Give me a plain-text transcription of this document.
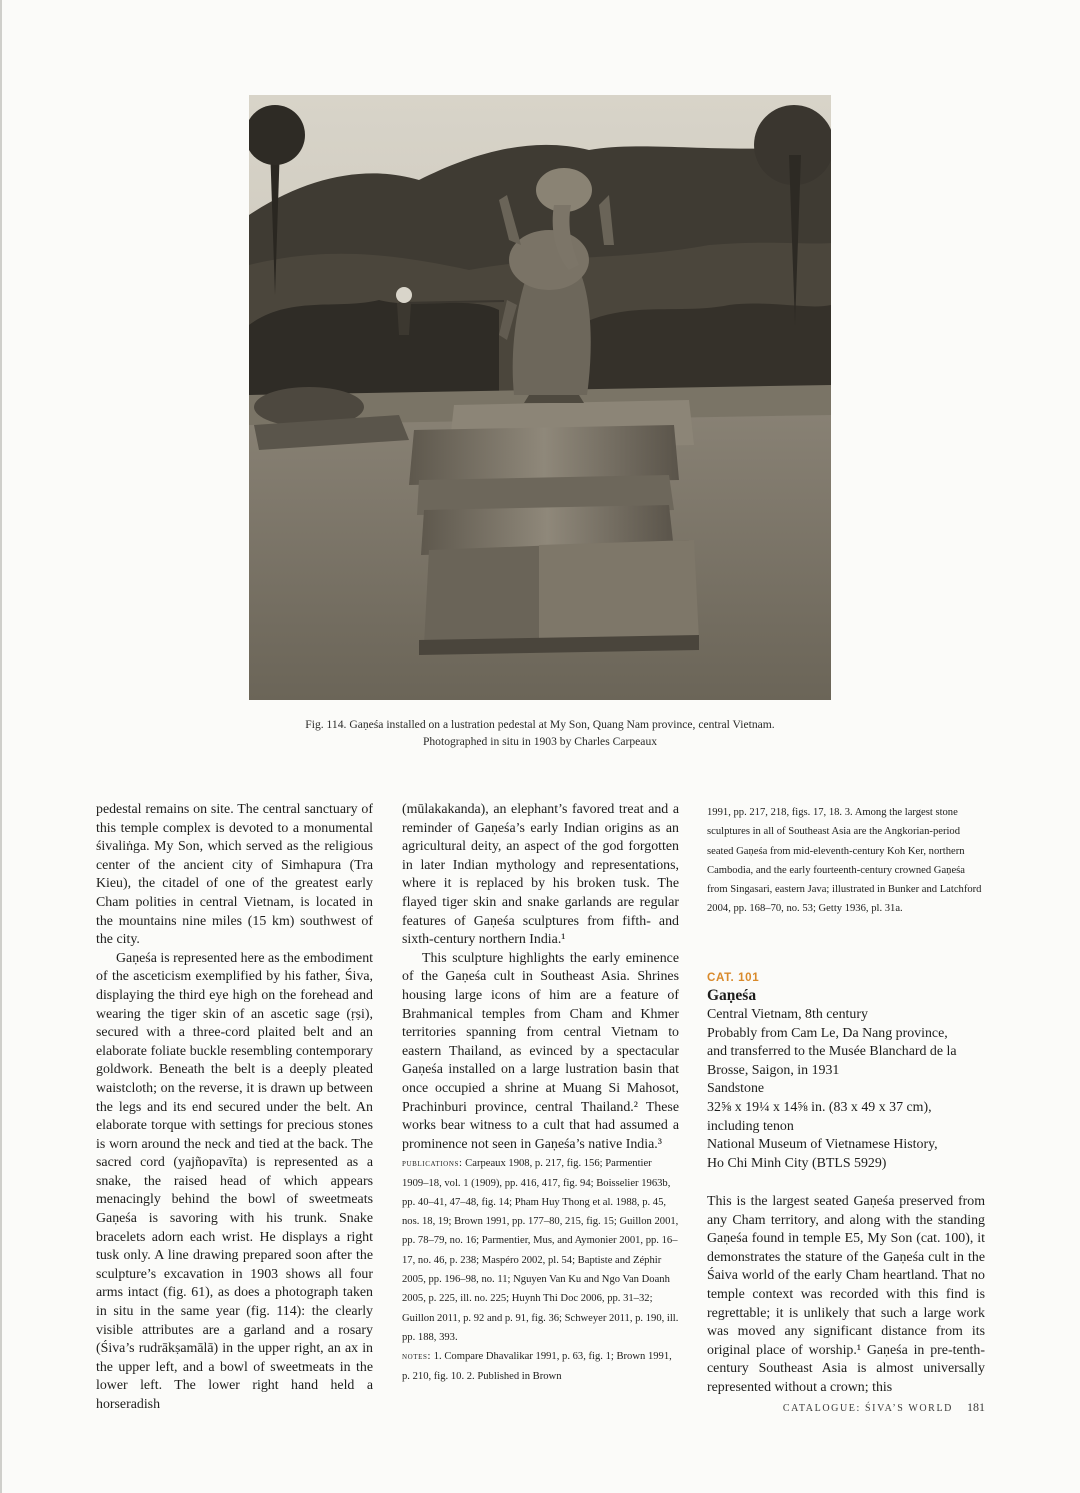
Fig. 114. Gaṇeśa installed on a lustration pedestal at My Son, Quang Nam province, central Vietnam.
Photographed in situ in 1903 by Charles Carpeaux

pedestal remains on site. The central sanctuary of this temple complex is devoted to a monumental śivaliṅga. My Son, which served as the religious center of the ancient city of Simhapura (Tra Kieu), the citadel of one of the greatest early Cham polities in central Vietnam, is located in the mountains nine miles (15 km) southwest of the city.

Gaṇeśa is represented here as the embodiment of the asceticism exemplified by his father, Śiva, displaying the third eye high on the forehead and wearing the tiger skin of an ascetic sage (ṛṣi), secured with a three-cord plaited belt and an elaborate foliate buckle resembling contemporary goldwork. Beneath the belt is a deeply pleated waistcloth; on the reverse, it is drawn up between the legs and its end secured under the belt. An elaborate torque with settings for precious stones is worn around the neck and tied at the back. The sacred cord (yajñopavīta) is represented as a snake, the raised head of which appears menacingly behind the bowl of sweetmeats Gaṇeśa is savoring with his trunk. Snake bracelets adorn each wrist. He displays a right tusk only. A line drawing prepared soon after the sculpture’s excavation in 1903 shows all four arms intact (fig. 61), as does a photograph taken in situ in the same year (fig. 114): the clearly visible attributes are a garland and a rosary (Śiva’s rudrākṣamālā) in the upper right, an ax in the upper left, and a bowl of sweetmeats in the lower left. The lower right hand held a horseradish

(mūlakakanda), an elephant’s favored treat and a reminder of Gaṇeśa’s early Indian origins as an agricultural deity, an aspect of the god forgotten in later Indian mythology and representations, where it is replaced by his broken tusk. The flayed tiger skin and snake garlands are regular features of Gaṇeśa sculptures from fifth- and sixth-century northern India.¹

This sculpture highlights the early eminence of the Gaṇeśa cult in Southeast Asia. Shrines housing large icons of him are a feature of Brahmanical temples from Cham and Khmer territories spanning from central Vietnam to eastern Thailand, as evinced by a spectacular Gaṇeśa installed on a large lustration basin that once occupied a shrine at Muang Si Mahosot, Prachinburi province, central Thailand.² These works bear witness to a cult that had assumed a prominence not seen in Gaṇeśa’s native India.³

publications: Carpeaux 1908, p. 217, fig. 156; Parmentier 1909–18, vol. 1 (1909), pp. 416, 417, fig. 94; Boisselier 1963b, pp. 40–41, 47–48, fig. 14; Pham Huy Thong et al. 1988, p. 45, nos. 18, 19; Brown 1991, pp. 177–80, 215, fig. 15; Guillon 2001, pp. 78–79, no. 16; Parmentier, Mus, and Aymonier 2001, pp. 16–17, no. 46, p. 238; Maspéro 2002, pl. 54; Baptiste and Zéphir 2005, pp. 196–98, no. 11; Nguyen Van Ku and Ngo Van Doanh 2005, p. 225, ill. no. 225; Huynh Thi Doc 2006, pp. 31–32; Guillon 2011, p. 92 and p. 91, fig. 36; Schweyer 2011, p. 190, ill. pp. 188, 393.

notes: 1. Compare Dhavalikar 1991, p. 63, fig. 1; Brown 1991, p. 210, fig. 10. 2. Published in Brown

1991, pp. 217, 218, figs. 17, 18. 3. Among the largest stone sculptures in all of Southeast Asia are the Angkorian-period seated Gaṇeśa from mid-eleventh-century Koh Ker, northern Cambodia, and the early fourteenth-century crowned Gaṇeśa from Singasari, eastern Java; illustrated in Bunker and Latchford 2004, pp. 168–70, no. 53; Getty 1936, pl. 31a.

CAT. 101
Gaṇeśa
Central Vietnam, 8th century
Probably from Cam Le, Da Nang province,
and transferred to the Musée Blanchard de la
Brosse, Saigon, in 1931
Sandstone
32⅝ x 19¼ x 14⅝ in. (83 x 49 x 37 cm),
including tenon
National Museum of Vietnamese History,
Ho Chi Minh City (BTLS 5929)

This is the largest seated Gaṇeśa preserved from any Cham territory, and along with the standing Gaṇeśa found in temple E5, My Son (cat. 100), it demonstrates the stature of the Gaṇeśa cult in the Śaiva world of the early Cham heartland. That no temple context was recorded with this find is regrettable; it is unlikely that such a large work was moved any significant distance from its original place of worship.¹ Gaṇeśa in pre-tenth-century Southeast Asia is almost universally represented without a crown; this

CATALOGUE: ŚIVA’S WORLD 181
